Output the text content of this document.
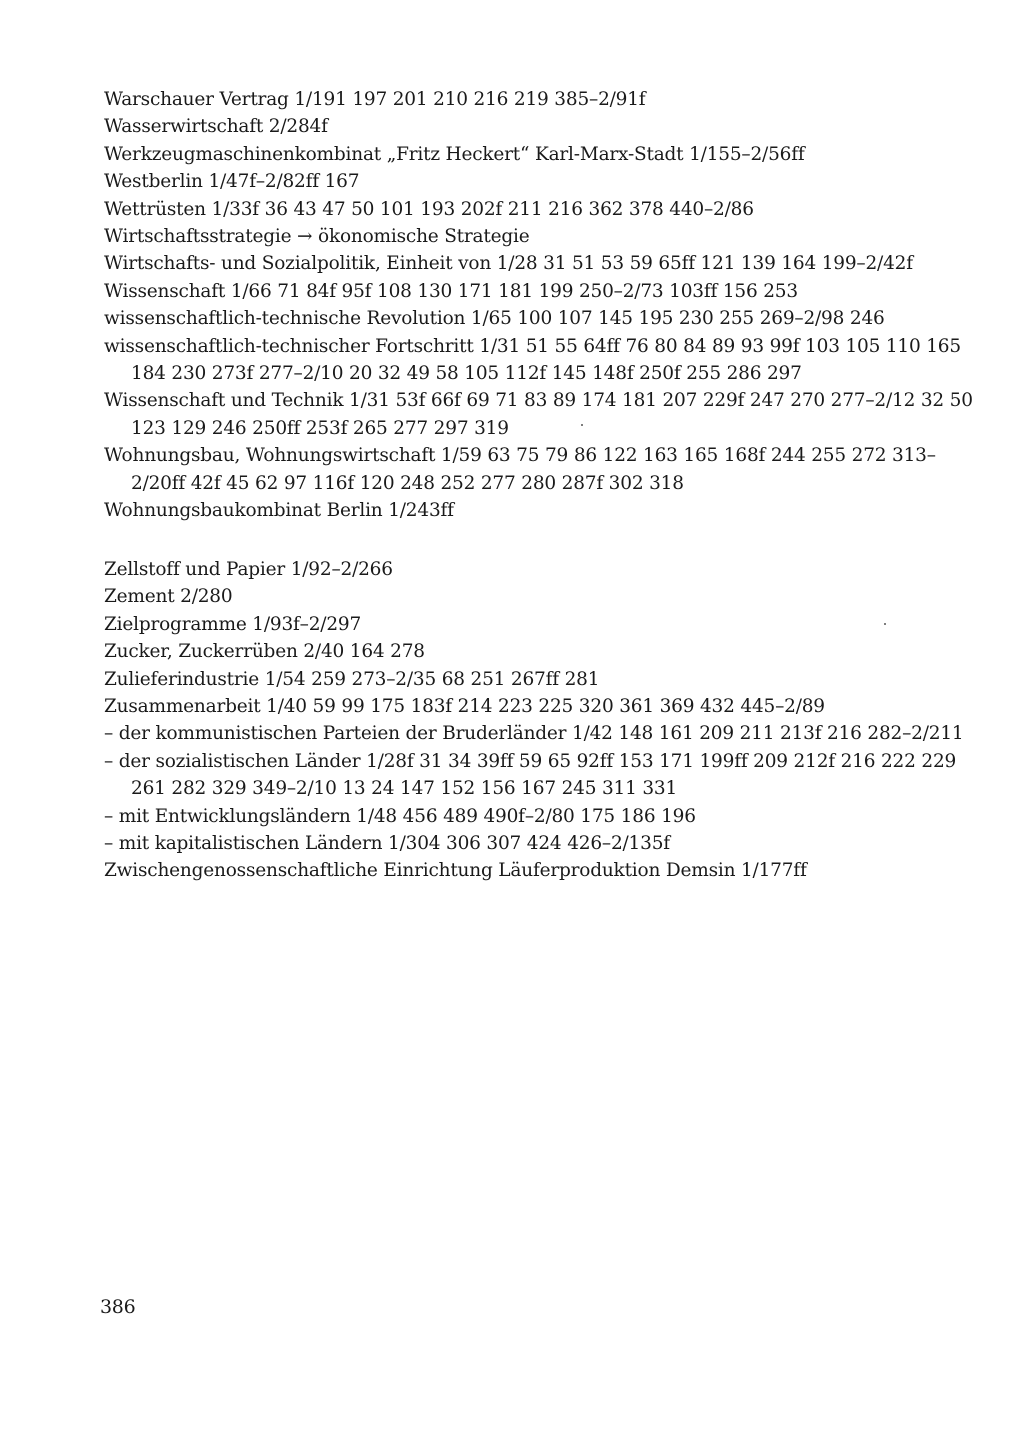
Warschauer Vertrag 1/191 197 201 210 216 219 385–2/91f
Wasserwirtschaft 2/284f
Werkzeugmaschinenkombinat „Fritz Heckert“ Karl-Marx-Stadt 1/155–2/56ff
Westberlin 1/47f–2/82ff 167
Wettrüsten 1/33f 36 43 47 50 101 193 202f 211 216 362 378 440–2/86
Wirtschaftsstrategie → ökonomische Strategie
Wirtschafts- und Sozialpolitik, Einheit von 1/28 31 51 53 59 65ff 121 139 164 199–2/42f
Wissenschaft 1/66 71 84f 95f 108 130 171 181 199 250–2/73 103ff 156 253
wissenschaftlich-technische Revolution 1/65 100 107 145 195 230 255 269–2/98 246
wissenschaftlich-technischer Fortschritt 1/31 51 55 64ff 76 80 84 89 93 99f 103 105 110 165 184 230 273f 277–2/10 20 32 49 58 105 112f 145 148f 250f 255 286 297
Wissenschaft und Technik 1/31 53f 66f 69 71 83 89 174 181 207 229f 247 270 277–2/12 32 50 123 129 246 250ff 253f 265 277 297 319
Wohnungsbau, Wohnungswirtschaft 1/59 63 75 79 86 122 163 165 168f 244 255 272 313–2/20ff 42f 45 62 97 116f 120 248 252 277 280 287f 302 318
Wohnungsbaukombinat Berlin 1/243ff
Zellstoff und Papier 1/92–2/266
Zement 2/280
Zielprogramme 1/93f–2/297
Zucker, Zuckerrüben 2/40 164 278
Zulieferindustrie 1/54 259 273–2/35 68 251 267ff 281
Zusammenarbeit 1/40 59 99 175 183f 214 223 225 320 361 369 432 445–2/89
– der kommunistischen Parteien der Bruderländer 1/42 148 161 209 211 213f 216 282–2/211
– der sozialistischen Länder 1/28f 31 34 39ff 59 65 92ff 153 171 199ff 209 212f 216 222 229 261 282 329 349–2/10 13 24 147 152 156 167 245 311 331
– mit Entwicklungsländern 1/48 456 489 490f–2/80 175 186 196
– mit kapitalistischen Ländern 1/304 306 307 424 426–2/135f
Zwischengenossenschaftliche Einrichtung Läuferproduktion Demsin 1/177ff
386
